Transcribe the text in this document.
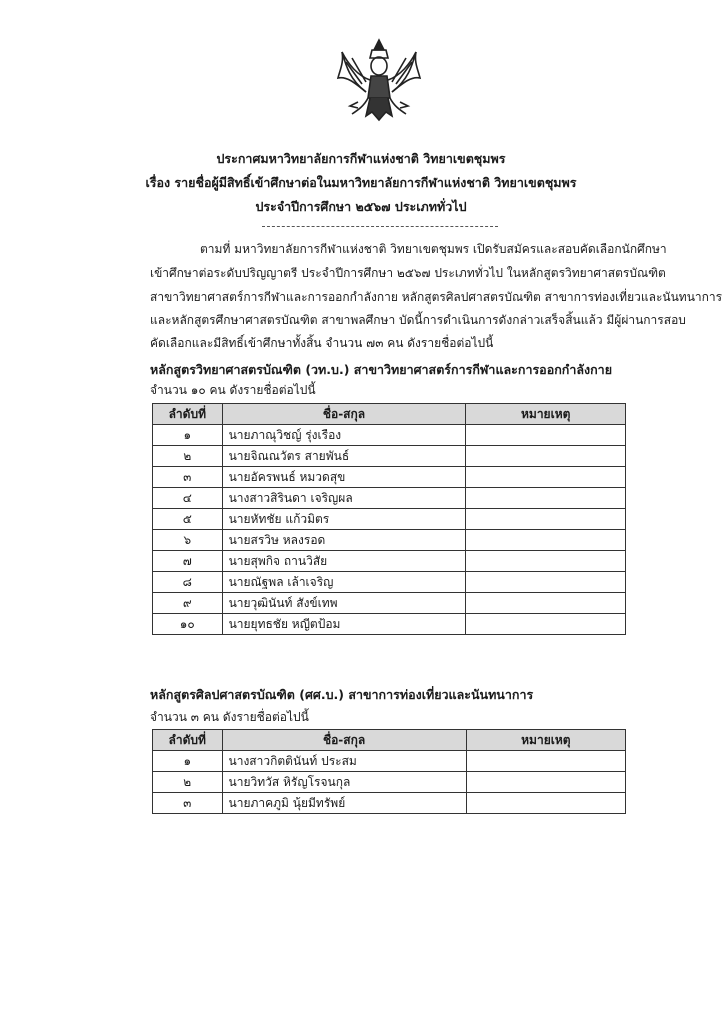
ประกาศมหาวิทยาลัยการกีฬาแห่งชาติ วิทยาเขตชุมพร
เรื่อง รายชื่อผู้มีสิทธิ์เข้าศึกษาต่อในมหาวิทยาลัยการกีฬาแห่งชาติ วิทยาเขตชุมพร
ประจำปีการศึกษา ๒๕๖๗ ประเภททั่วไป
ตามที่ มหาวิทยาลัยการกีฬาแห่งชาติ วิทยาเขตชุมพร เปิดรับสมัครและสอบคัดเลือกนักศึกษา
เข้าศึกษาต่อระดับปริญญาตรี ประจำปีการศึกษา ๒๕๖๗ ประเภททั่วไป ในหลักสูตรวิทยาศาสตรบัณฑิต
สาขาวิทยาศาสตร์การกีฬาและการออกกำลังกาย หลักสูตรศิลปศาสตรบัณฑิต สาขาการท่องเที่ยวและนันทนาการ
และหลักสูตรศึกษาศาสตรบัณฑิต สาขาพลศึกษา บัดนี้การดำเนินการดังกล่าวเสร็จสิ้นแล้ว มีผู้ผ่านการสอบ
คัดเลือกและมีสิทธิ์เข้าศึกษาทั้งสิ้น จำนวน ๗๓ คน ดังรายชื่อต่อไปนี้
หลักสูตรวิทยาศาสตรบัณฑิต (วท.บ.) สาขาวิทยาศาสตร์การกีฬาและการออกกำลังกาย
จำนวน ๑๐ คน ดังรายชื่อต่อไปนี้
ลำดับที่	ชื่อ-สกุล	หมายเหตุ
๑	นายภาณุวิชญ์ รุ่งเรือง	
๒	นายจิณณวัตร สายพันธ์	
๓	นายอัครพนธ์ หมวดสุข	
๔	นางสาวสิรินดา เจริญผล	
๕	นายหัทชัย แก้วมิตร	
๖	นายสรวิษ หลงรอด	
๗	นายสุพกิจ ถานวิสัย	
๘	นายณัฐพล เล้าเจริญ	
๙	นายวุฒินันท์ สังข์เทพ	
๑๐	นายยุทธชัย หญีตป้อม	
หลักสูตรศิลปศาสตรบัณฑิต (ศศ.บ.) สาขาการท่องเที่ยวและนันทนาการ
จำนวน ๓ คน ดังรายชื่อต่อไปนี้
ลำดับที่	ชื่อ-สกุล	หมายเหตุ
๑	นางสาวกิตตินันท์ ประสม	
๒	นายวิทวัส หิรัญโรจนกุล	
๓	นายภาคภูมิ นุ้ยมีทรัพย์	
